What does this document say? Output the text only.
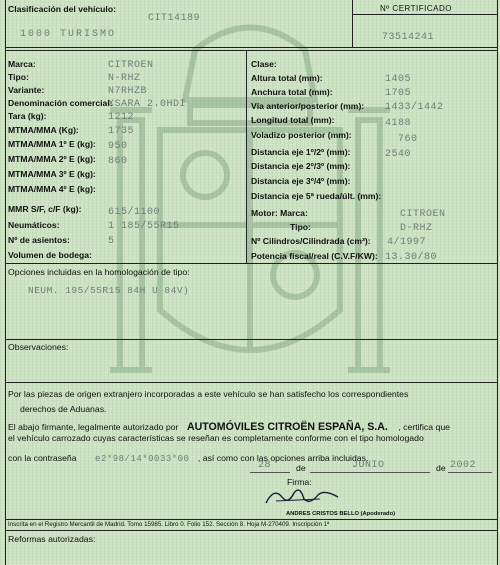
Clasificación del vehículo:
CIT14189
1000 TURISMO
Nº CERTIFICADO
73514241
Marca:	CITROEN
Tipo:	N-RHZ
Variante:	N7RHZB
Denominación comercial:
XSARA 2.0HDI
Tara (kg):	1212
MTMA/MMA (Kg):	1735
MTMA/MMA 1º E (kg): 950
MTMA/MMA 2º E (kg): 860
MTMA/MMA 3º E (kg):
MTMA/MMA 4º E (kg):
MMR S/F, c/F (kg):	615/1100
Neumáticos:	1 185/55R15
Nº de asientos:	5
Volumen de bodega:
Clase:
Altura total (mm):	1405
Anchura total (mm):	1705
Vía anterior/posterior (mm): 1433/1442
Longitud total (mm):	4188
Voladizo posterior (mm):	760
Distancia eje 1º/2º (mm):	2540
Distancia eje 2º/3º (mm):
Distancia eje 3º/4º (mm):
Distancia eje 5ª rueda/últ. (mm):
Motor: Marca:	CITROEN
Tipo:	D-RHZ
Nº Cilindros/Cilindrada (cm³): 4/1997
Potencia fiscal/real (C.V.F/KW): 13.30/80
Opciones incluidas en la homologación de tipo:
NEUM. 195/55R15 84H U 84V)
Observaciones:
Por las piezas de origen extranjero incorporadas a este vehículo se han satisfecho los correspondientes
derechos de Aduanas.
El abajo firmante, legalmente autorizado por AUTOMÓVILES CITROËN ESPAÑA, S.A. , certifica que
el vehículo carrozado cuyas características se reseñan es completamente conforme con el tipo homologado
con la contraseña e2*98/14*0033*00 , así como con las opciones arriba incluidas.
28	de	JUNIO	de 2002
Firma:
ANDRES CRISTOS BELLO (Apoderado)
Inscrita en el Registro Mercantil de Madrid. Tomo 15985. Libro 0. Folio 152. Sección 8. Hoja M-270409. Inscripción 1ª
Reformas autorizadas:
